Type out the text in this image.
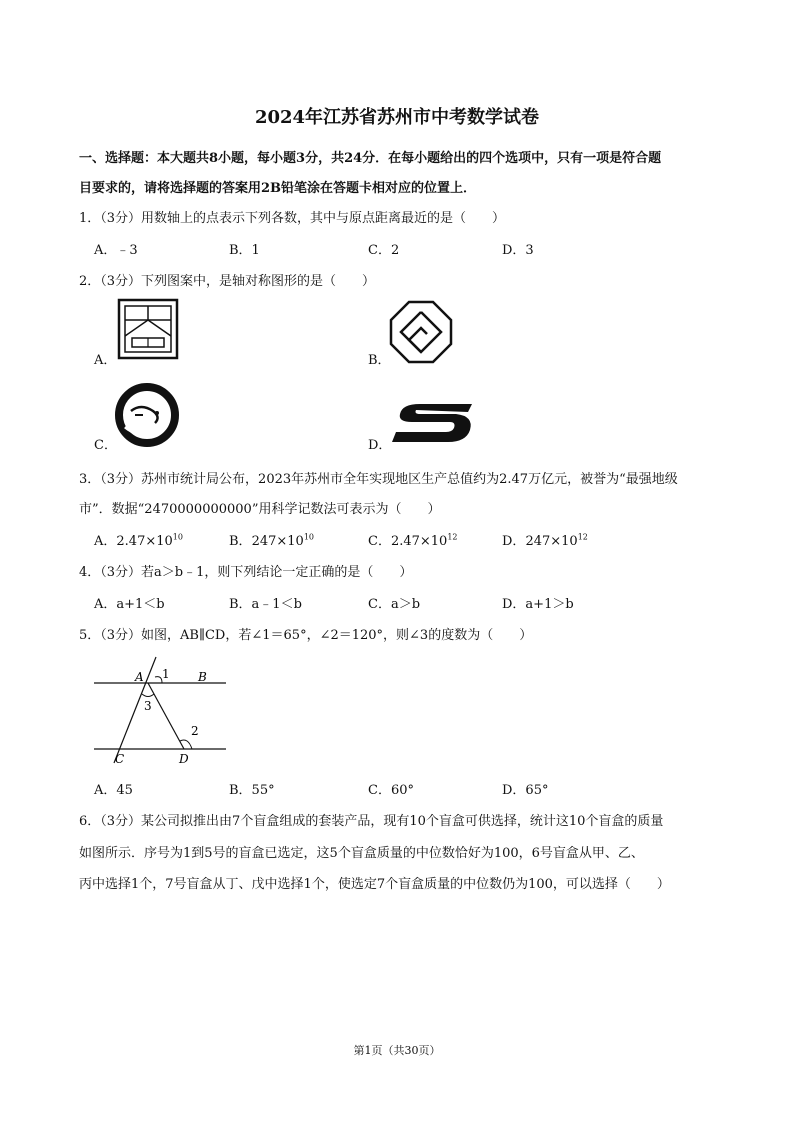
2024年江苏省苏州市中考数学试卷
一、选择题：本大题共8小题，每小题3分，共24分．在每小题给出的四个选项中，只有一项是符合题
目要求的，请将选择题的答案用2B铅笔涂在答题卡相对应的位置上．
1．（3分）用数轴上的点表示下列各数，其中与原点距离最近的是（　　）
A．﹣3	B．1	C．2	D．3
2．（3分）下列图案中，是轴对称图形的是（　　）
A．	B．
C．	D．
3．（3分）苏州市统计局公布，2023年苏州市全年实现地区生产总值约为2.47万亿元，被誉为“最强地级
市”．数据“2470000000000”用科学记数法可表示为（　　）
A．$2.47\times 10^{10}$	B．$247\times 10^{10}$	C．$2.47\times 10^{12}$	D．$247\times 10^{12}$
4．（3分）若a＞b﹣1，则下列结论一定正确的是（　　）
A．a+1＜b	B．a﹣1＜b	C．a＞b	D．a+1＞b
5．（3分）如图，AB∥CD，若∠1＝65°，∠2＝120°，则∠3的度数为（　　）
A 1 B
3
2
C	D
A．45	B．55°	C．60°	D．65°
6．（3分）某公司拟推出由7个盲盒组成的套装产品，现有10个盲盒可供选择，统计这10个盲盒的质量
如图所示．序号为1到5号的盲盒已选定，这5个盲盒质量的中位数恰好为100，6号盲盒从甲、乙、
丙中选择1个，7号盲盒从丁、戊中选择1个，使选定7个盲盒质量的中位数仍为100，可以选择（　　）
第1页（共30页）
